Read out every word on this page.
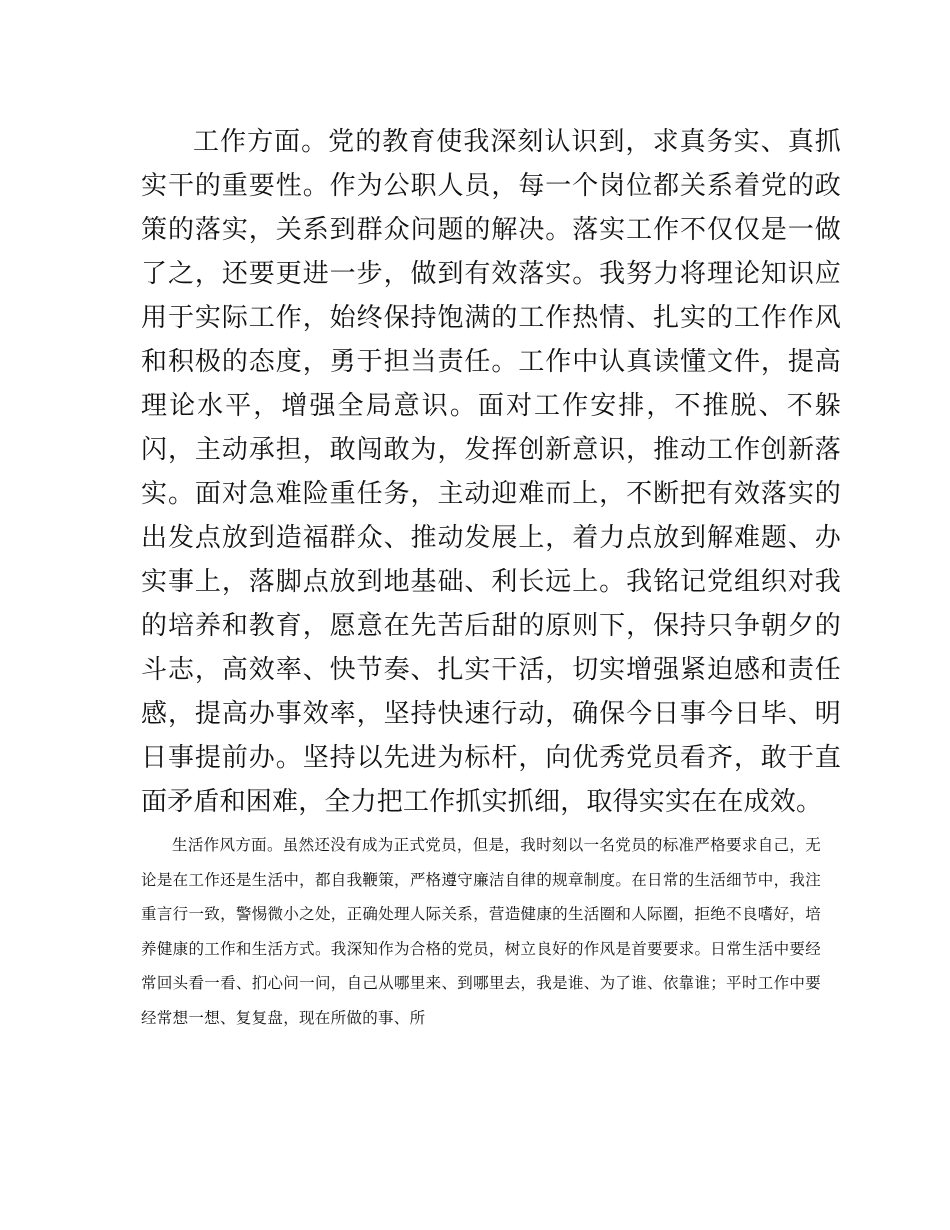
工作方面。党的教育使我深刻认识到，求真务实、真抓实干的重要性。作为公职人员，每一个岗位都关系着党的政策的落实，关系到群众问题的解决。落实工作不仅仅是一做了之，还要更进一步，做到有效落实。我努力将理论知识应用于实际工作，始终保持饱满的工作热情、扎实的工作作风和积极的态度，勇于担当责任。工作中认真读懂文件，提高理论水平，增强全局意识。面对工作安排，不推脱、不躲闪，主动承担，敢闯敢为，发挥创新意识，推动工作创新落实。面对急难险重任务，主动迎难而上，不断把有效落实的出发点放到造福群众、推动发展上，着力点放到解难题、办实事上，落脚点放到地基础、利长远上。我铭记党组织对我的培养和教育，愿意在先苦后甜的原则下，保持只争朝夕的斗志，高效率、快节奏、扎实干活，切实增强紧迫感和责任感，提高办事效率，坚持快速行动，确保今日事今日毕、明日事提前办。坚持以先进为标杆，向优秀党员看齐，敢于直面矛盾和困难，全力把工作抓实抓细，取得实实在在成效。

生活作风方面。虽然还没有成为正式党员，但是，我时刻以一名党员的标准严格要求自己，无论是在工作还是生活中，都自我鞭策，严格遵守廉洁自律的规章制度。在日常的生活细节中，我注重言行一致，警惕微小之处，正确处理人际关系，营造健康的生活圈和人际圈，拒绝不良嗜好，培养健康的工作和生活方式。我深知作为合格的党员，树立良好的作风是首要要求。日常生活中要经常回头看一看、扪心问一问，自己从哪里来、到哪里去，我是谁、为了谁、依靠谁；平时工作中要经常想一想、复复盘，现在所做的事、所
